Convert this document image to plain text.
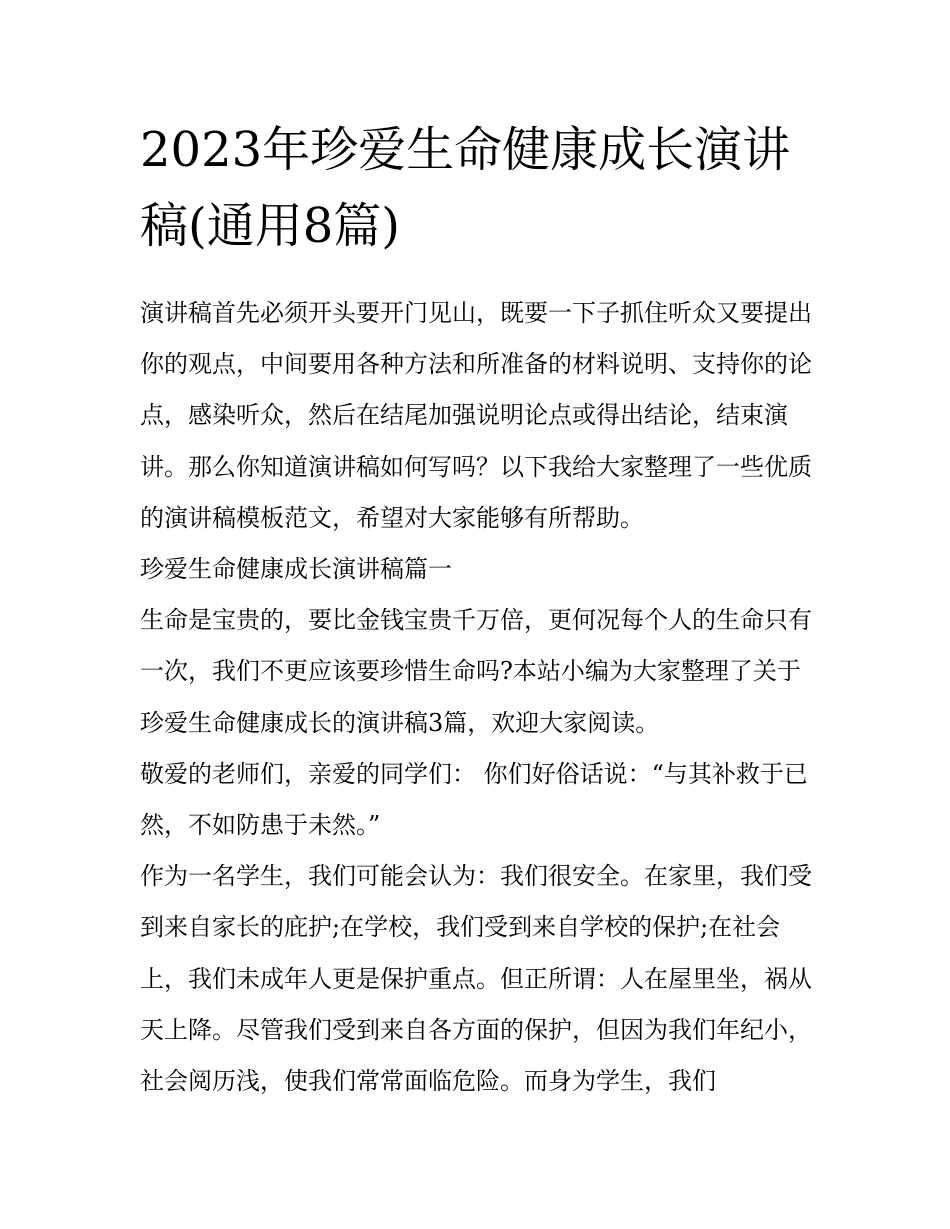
2023年珍爱生命健康成长演讲稿(通用8篇)

演讲稿首先必须开头要开门见山，既要一下子抓住听众又要提出你的观点，中间要用各种方法和所准备的材料说明、支持你的论点，感染听众，然后在结尾加强说明论点或得出结论，结束演讲。那么你知道演讲稿如何写吗？以下我给大家整理了一些优质的演讲稿模板范文，希望对大家能够有所帮助。

珍爱生命健康成长演讲稿篇一

生命是宝贵的，要比金钱宝贵千万倍，更何况每个人的生命只有一次，我们不更应该要珍惜生命吗?本站小编为大家整理了关于珍爱生命健康成长的演讲稿3篇，欢迎大家阅读。

敬爱的老师们，亲爱的同学们： 你们好俗话说：“与其补救于已然，不如防患于未然。”

作为一名学生，我们可能会认为：我们很安全。在家里，我们受到来自家长的庇护;在学校，我们受到来自学校的保护;在社会上，我们未成年人更是保护重点。但正所谓：人在屋里坐，祸从天上降。尽管我们受到来自各方面的保护，但因为我们年纪小，社会阅历浅，使我们常常面临危险。而身为学生，我们
